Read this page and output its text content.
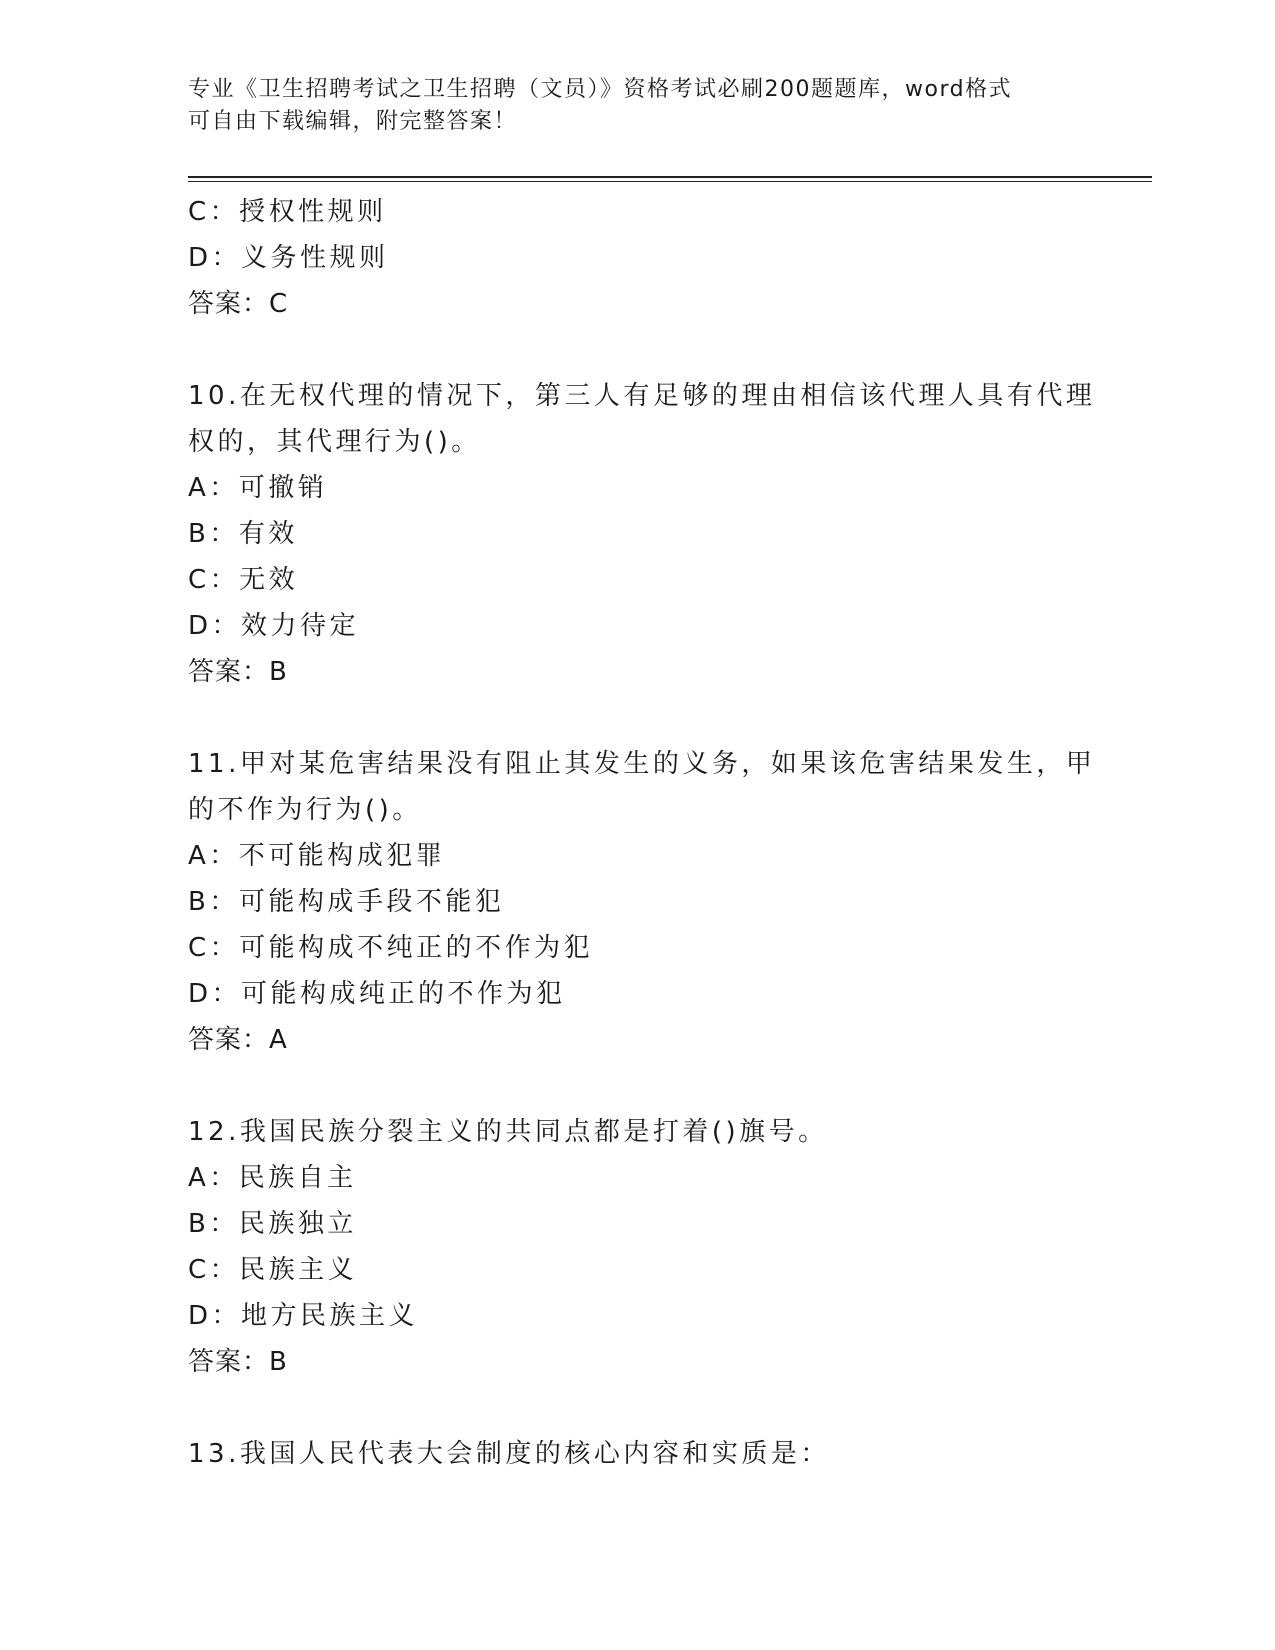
专业《卫生招聘考试之卫生招聘（文员）》资格考试必刷200题题库，word格式
可自由下载编辑，附完整答案！
C：授权性规则
D：义务性规则
答案：C
10.在无权代理的情况下，第三人有足够的理由相信该代理人具有代理
权的，其代理行为()。
A：可撤销
B：有效
C：无效
D：效力待定
答案：B
11.甲对某危害结果没有阻止其发生的义务，如果该危害结果发生，甲
的不作为行为()。
A：不可能构成犯罪
B：可能构成手段不能犯
C：可能构成不纯正的不作为犯
D：可能构成纯正的不作为犯
答案：A
12.我国民族分裂主义的共同点都是打着()旗号。
A：民族自主
B：民族独立
C：民族主义
D：地方民族主义
答案：B
13.我国人民代表大会制度的核心内容和实质是：
